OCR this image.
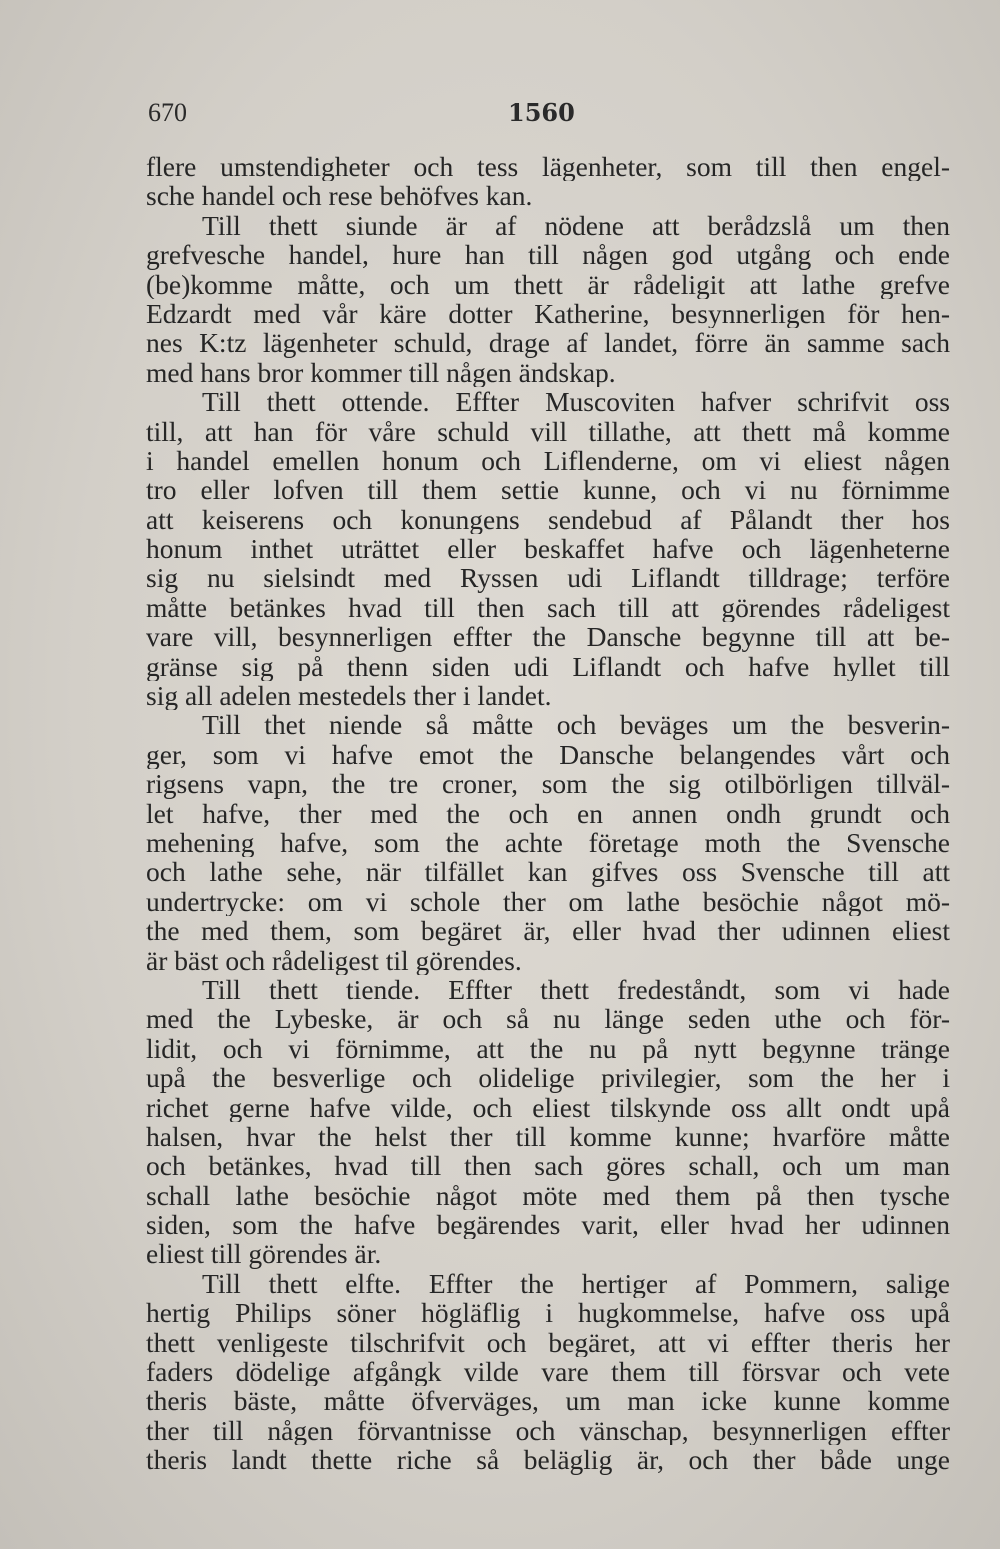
670	1560
flere umstendigheter och tess lägenheter, som till then engel-
sche handel och rese behöfves kan.
Till thett siunde är af nödene att berådzslå um then
grefvesche handel, hure han till någen god utgång och ende
(be)komme måtte, och um thett är rådeligit att lathe grefve
Edzardt med vår käre dotter Katherine, besynnerligen för hen-
nes K:tz lägenheter schuld, drage af landet, förre än samme sach
med hans bror kommer till någen ändskap.
Till thett ottende. Effter Muscoviten hafver schrifvit oss
till, att han för våre schuld vill tillathe, att thett må komme
i handel emellen honum och Liflenderne, om vi eliest någen
tro eller lofven till them settie kunne, och vi nu förnimme
att keiserens och konungens sendebud af Pålandt ther hos
honum inthet uträttet eller beskaffet hafve och lägenheterne
sig nu sielsindt med Ryssen udi Liflandt tilldrage; terföre
måtte betänkes hvad till then sach till att görendes rådeligest
vare vill, besynnerligen effter the Dansche begynne till att be-
gränse sig på thenn siden udi Liflandt och hafve hyllet till
sig all adelen mestedels ther i landet.
Till thet niende så måtte och beväges um the besverin-
ger, som vi hafve emot the Dansche belangendes vårt och
rigsens vapn, the tre croner, som the sig otilbörligen tillväl-
let hafve, ther med the och en annen ondh grundt och
mehening hafve, som the achte företage moth the Svensche
och lathe sehe, när tilfället kan gifves oss Svensche till att
undertrycke: om vi schole ther om lathe besöchie något mö-
the med them, som begäret är, eller hvad ther udinnen eliest
är bäst och rådeligest til görendes.
Till thett tiende. Effter thett fredeståndt, som vi hade
med the Lybeske, är och så nu länge seden uthe och för-
lidit, och vi förnimme, att the nu på nytt begynne tränge
upå the besverlige och olidelige privilegier, som the her i
richet gerne hafve vilde, och eliest tilskynde oss allt ondt upå
halsen, hvar the helst ther till komme kunne; hvarföre måtte
och betänkes, hvad till then sach göres schall, och um man
schall lathe besöchie något möte med them på then tysche
siden, som the hafve begärendes varit, eller hvad her udinnen
eliest till görendes är.
Till thett elfte. Effter the hertiger af Pommern, salige
hertig Philips söner högläflig i hugkommelse, hafve oss upå
thett venligeste tilschrifvit och begäret, att vi effter theris her
faders dödelige afgångk vilde vare them till försvar och vete
theris bäste, måtte öfverväges, um man icke kunne komme
ther till någen förvantnisse och vänschap, besynnerligen effter
theris landt thette riche så beläglig är, och ther både unge
